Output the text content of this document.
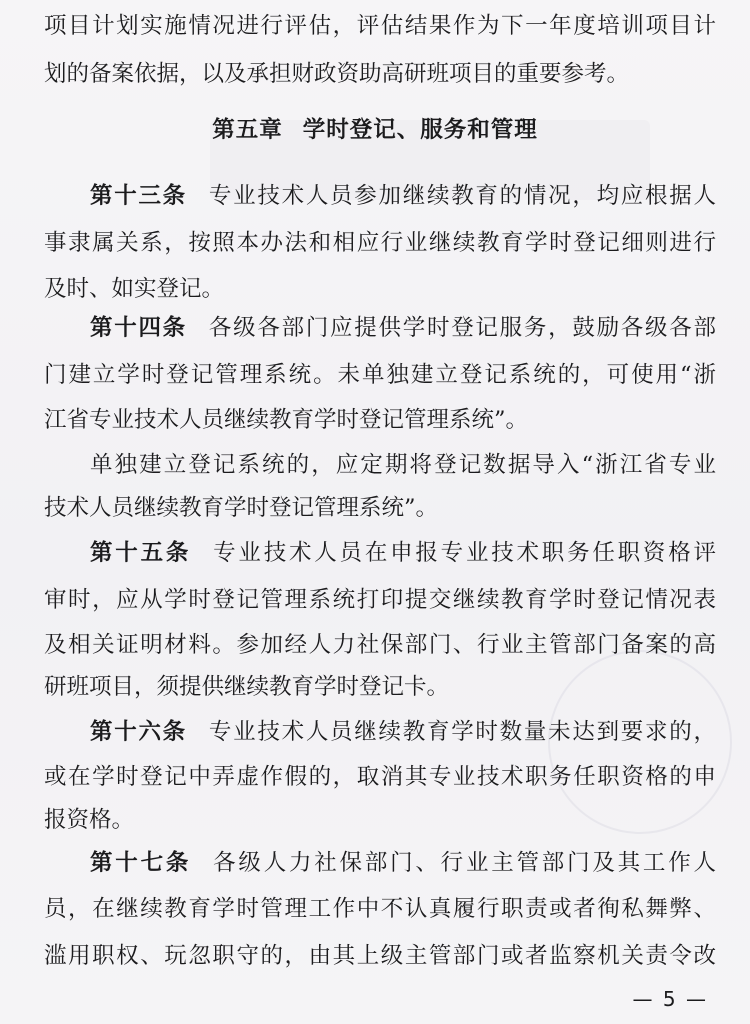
项目计划实施情况进行评估，评估结果作为下一年度培训项目计
划的备案依据，以及承担财政资助高研班项目的重要参考。
第十三条 专业技术人员参加继续教育的情况，均应根据人
事隶属关系，按照本办法和相应行业继续教育学时登记细则进行
及时、如实登记。
第十四条 各级各部门应提供学时登记服务，鼓励各级各部
门建立学时登记管理系统。未单独建立登记系统的，可使用“浙
江省专业技术人员继续教育学时登记管理系统”。
单独建立登记系统的，应定期将登记数据导入“浙江省专业
技术人员继续教育学时登记管理系统”。
第十五条 专业技术人员在申报专业技术职务任职资格评
审时，应从学时登记管理系统打印提交继续教育学时登记情况表
及相关证明材料。参加经人力社保部门、行业主管部门备案的高
研班项目，须提供继续教育学时登记卡。
第十六条 专业技术人员继续教育学时数量未达到要求的，
或在学时登记中弄虚作假的，取消其专业技术职务任职资格的申
报资格。
第十七条 各级人力社保部门、行业主管部门及其工作人
员，在继续教育学时管理工作中不认真履行职责或者徇私舞弊、
滥用职权、玩忽职守的，由其上级主管部门或者监察机关责令改
第五章 学时登记、服务和管理
— 5 —
